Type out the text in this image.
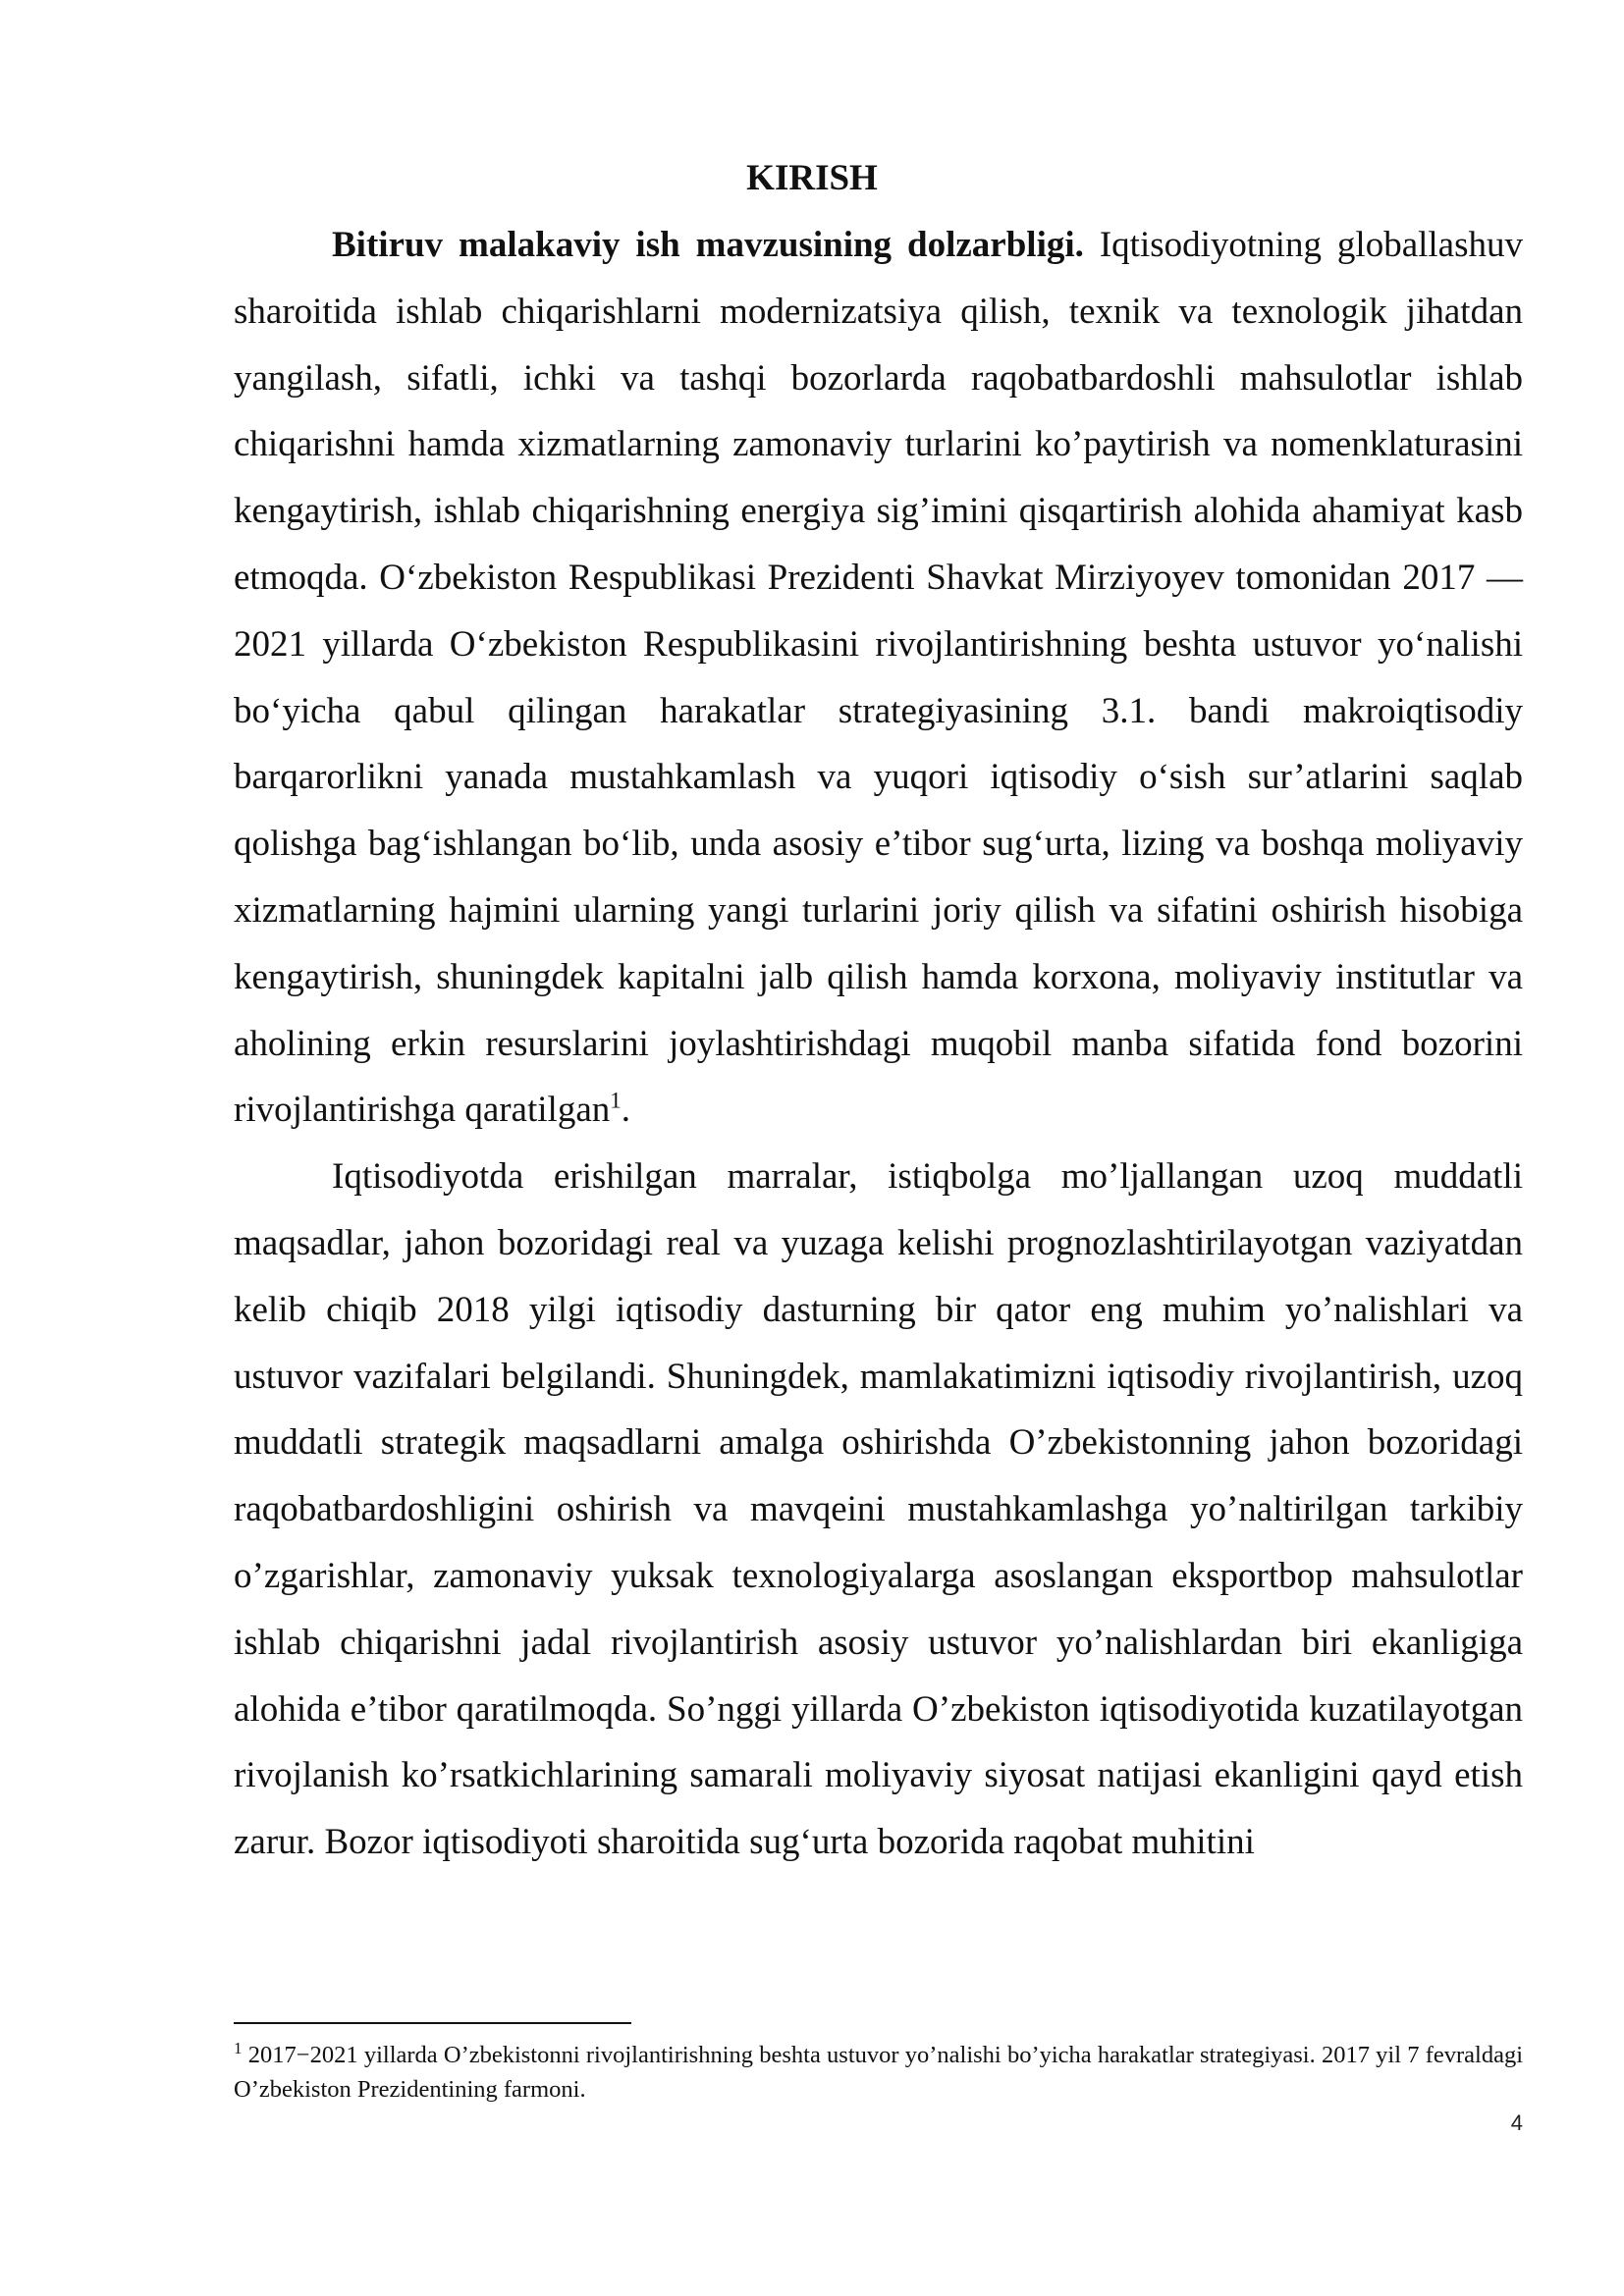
KIRISH

Bitiruv malakaviy ish mavzusining dolzarbligi. Iqtisodiyotning globallashuv sharoitida ishlab chiqarishlarni modernizatsiya qilish, texnik va texnologik jihatdan yangilash, sifatli, ichki va tashqi bozorlarda raqobatbardoshli mahsulotlar ishlab chiqarishni hamda xizmatlarning zamonaviy turlarini ko’paytirish va nomenklaturasini kengaytirish, ishlab chiqarishning energiya sig’imini qisqartirish alohida ahamiyat kasb etmoqda. O‘zbekiston Respublikasi Prezidenti Shavkat Mirziyoyev tomonidan 2017 — 2021 yillarda O‘zbekiston Respublikasini rivojlantirishning beshta ustuvor yo‘nalishi bo‘yicha qabul qilingan harakatlar strategiyasining 3.1. bandi makroiqtisodiy barqarorlikni yanada mustahkamlash va yuqori iqtisodiy o‘sish sur’atlarini saqlab qolishga bag‘ishlangan bo‘lib, unda asosiy e’tibor sug‘urta, lizing va boshqa moliyaviy xizmatlarning hajmini ularning yangi turlarini joriy qilish va sifatini oshirish hisobiga kengaytirish, shuningdek kapitalni jalb qilish hamda korxona, moliyaviy institutlar va aholining erkin resurslarini joylashtirishdagi muqobil manba sifatida fond bozorini rivojlantirishga qaratilgan$^1$.

Iqtisodiyotda erishilgan marralar, istiqbolga mo’ljallangan uzoq muddatli maqsadlar, jahon bozoridagi real va yuzaga kelishi prognozlashtirilayotgan vaziyatdan kelib chiqib 2018 yilgi iqtisodiy dasturning bir qator eng muhim yo’nalishlari va ustuvor vazifalari belgilandi. Shuningdek, mamlakatimizni iqtisodiy rivojlantirish, uzoq muddatli strategik maqsadlarni amalga oshirishda O’zbekistonning jahon bozoridagi raqobatbardoshligini oshirish va mavqeini mustahkamlashga yo’naltirilgan tarkibiy o’zgarishlar, zamonaviy yuksak texnologiyalarga asoslangan eksportbop mahsulotlar ishlab chiqarishni jadal rivojlantirish asosiy ustuvor yo’nalishlardan biri ekanligiga alohida e’tibor qaratilmoqda. So’nggi yillarda O’zbekiston iqtisodiyotida kuzatilayotgan rivojlanish ko’rsatkichlarining samarali moliyaviy siyosat natijasi ekanligini qayd etish zarur. Bozor iqtisodiyoti sharoitida sug‘urta bozorida raqobat muhitini

$^1$ 2017−2021 yillarda O’zbekistonni rivojlantirishning beshta ustuvor yo’nalishi bo’yicha harakatlar strategiyasi. 2017 yil 7 fevraldagi O’zbekiston Prezidentining farmoni.
4
